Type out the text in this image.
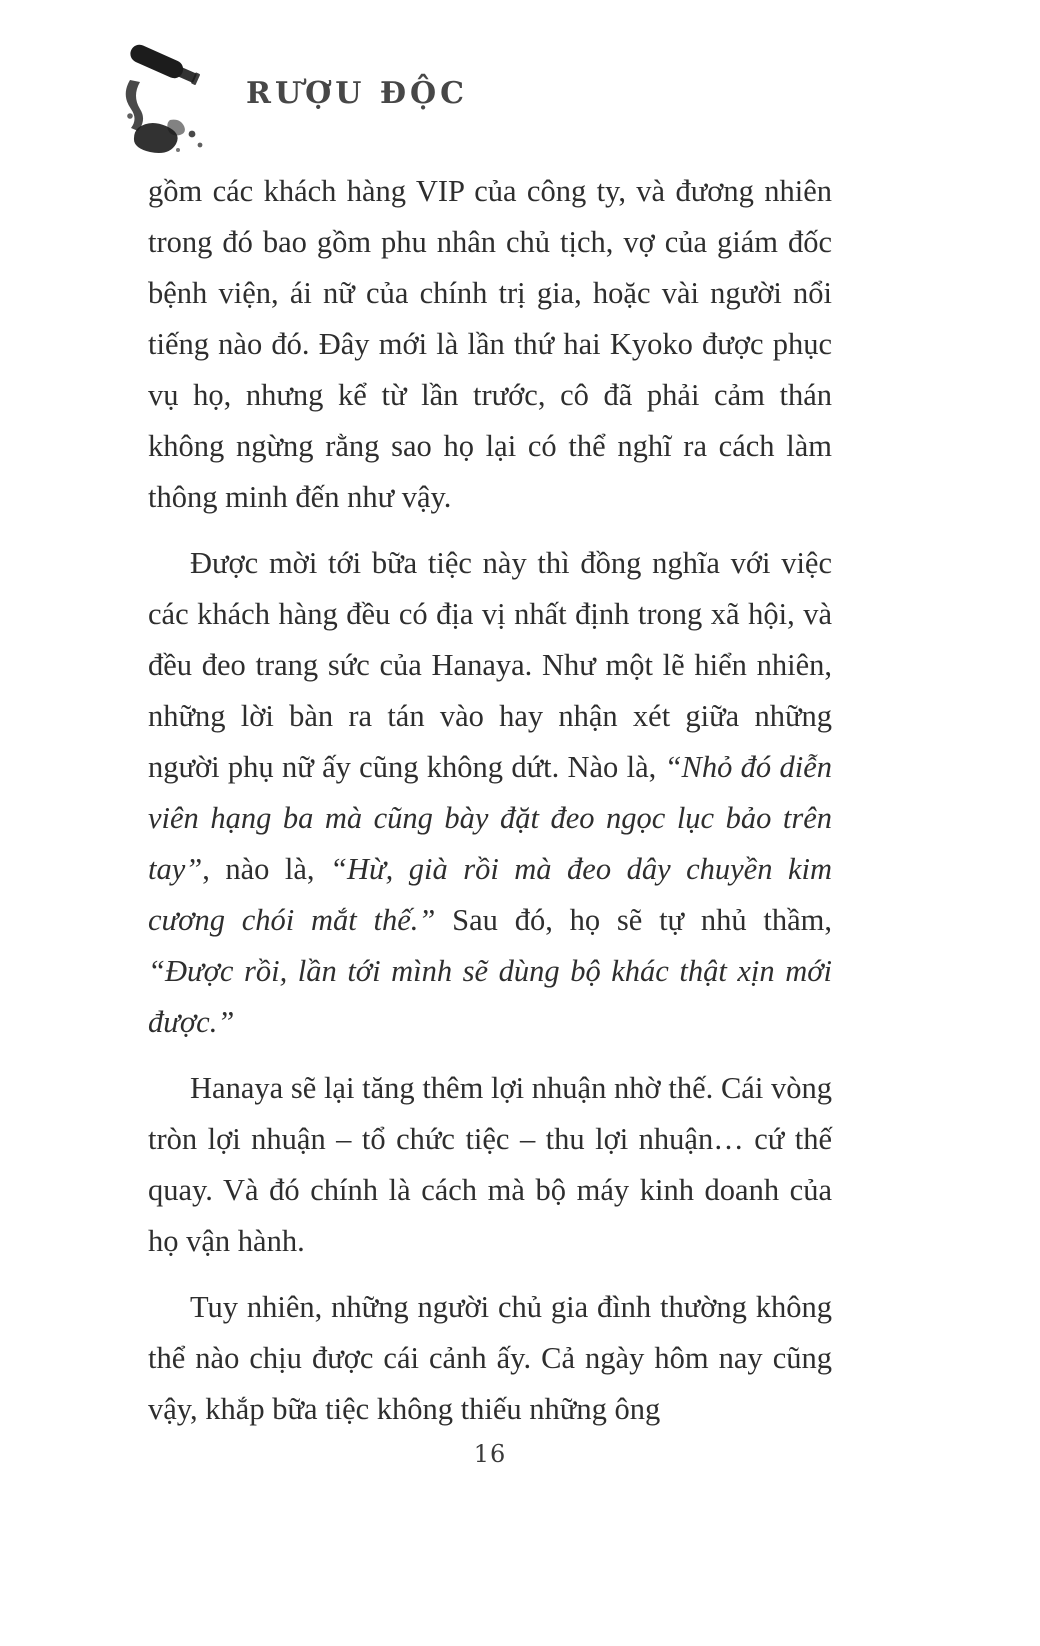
RƯỢU ĐỘC

gồm các khách hàng VIP của công ty, và đương nhiên trong đó bao gồm phu nhân chủ tịch, vợ của giám đốc bệnh viện, ái nữ của chính trị gia, hoặc vài người nổi tiếng nào đó. Đây mới là lần thứ hai Kyoko được phục vụ họ, nhưng kể từ lần trước, cô đã phải cảm thán không ngừng rằng sao họ lại có thể nghĩ ra cách làm thông minh đến như vậy.

Được mời tới bữa tiệc này thì đồng nghĩa với việc các khách hàng đều có địa vị nhất định trong xã hội, và đều đeo trang sức của Hanaya. Như một lẽ hiển nhiên, những lời bàn ra tán vào hay nhận xét giữa những người phụ nữ ấy cũng không dứt. Nào là, “Nhỏ đó diễn viên hạng ba mà cũng bày đặt đeo ngọc lục bảo trên tay”, nào là, “Hừ, già rồi mà đeo dây chuyền kim cương chói mắt thế.” Sau đó, họ sẽ tự nhủ thầm, “Được rồi, lần tới mình sẽ dùng bộ khác thật xịn mới được.”

Hanaya sẽ lại tăng thêm lợi nhuận nhờ thế. Cái vòng tròn lợi nhuận – tổ chức tiệc – thu lợi nhuận… cứ thế quay. Và đó chính là cách mà bộ máy kinh doanh của họ vận hành.

Tuy nhiên, những người chủ gia đình thường không thể nào chịu được cái cảnh ấy. Cả ngày hôm nay cũng vậy, khắp bữa tiệc không thiếu những ông

16
